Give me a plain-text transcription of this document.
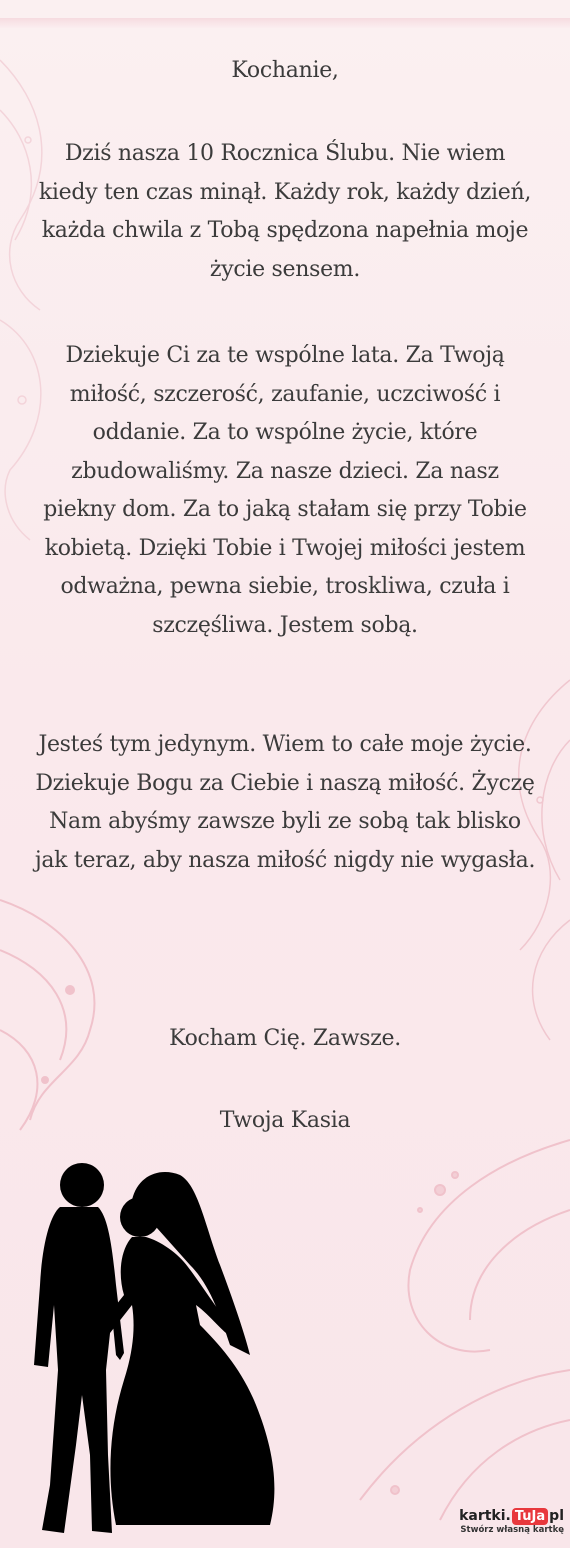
Kochanie,

Dziś nasza 10 Rocznica Ślubu. Nie wiem

kiedy ten czas minął. Każdy rok, każdy dzień,

każda chwila z Tobą spędzona napełnia moje

życie sensem.

Dziekuje Ci za te wspólne lata. Za Twoją

miłość, szczerość, zaufanie, uczciwość i

oddanie. Za to wspólne życie, które

zbudowaliśmy. Za nasze dzieci. Za nasz

piekny dom. Za to jaką stałam się przy Tobie

kobietą. Dzięki Tobie i Twojej miłości jestem

odważna, pewna siebie, troskliwa, czuła i

szczęśliwa. Jestem sobą.

Jesteś tym jedynym. Wiem to całe moje życie.

Dziekuje Bogu za Ciebie i naszą miłość. Życzę

Nam abyśmy zawsze byli ze sobą tak blisko

jak teraz, aby nasza miłość nigdy nie wygasła.

Kocham Cię. Zawsze.
Twoja Kasia
kartki. TuJa pl
Stwórz własną kartkę
